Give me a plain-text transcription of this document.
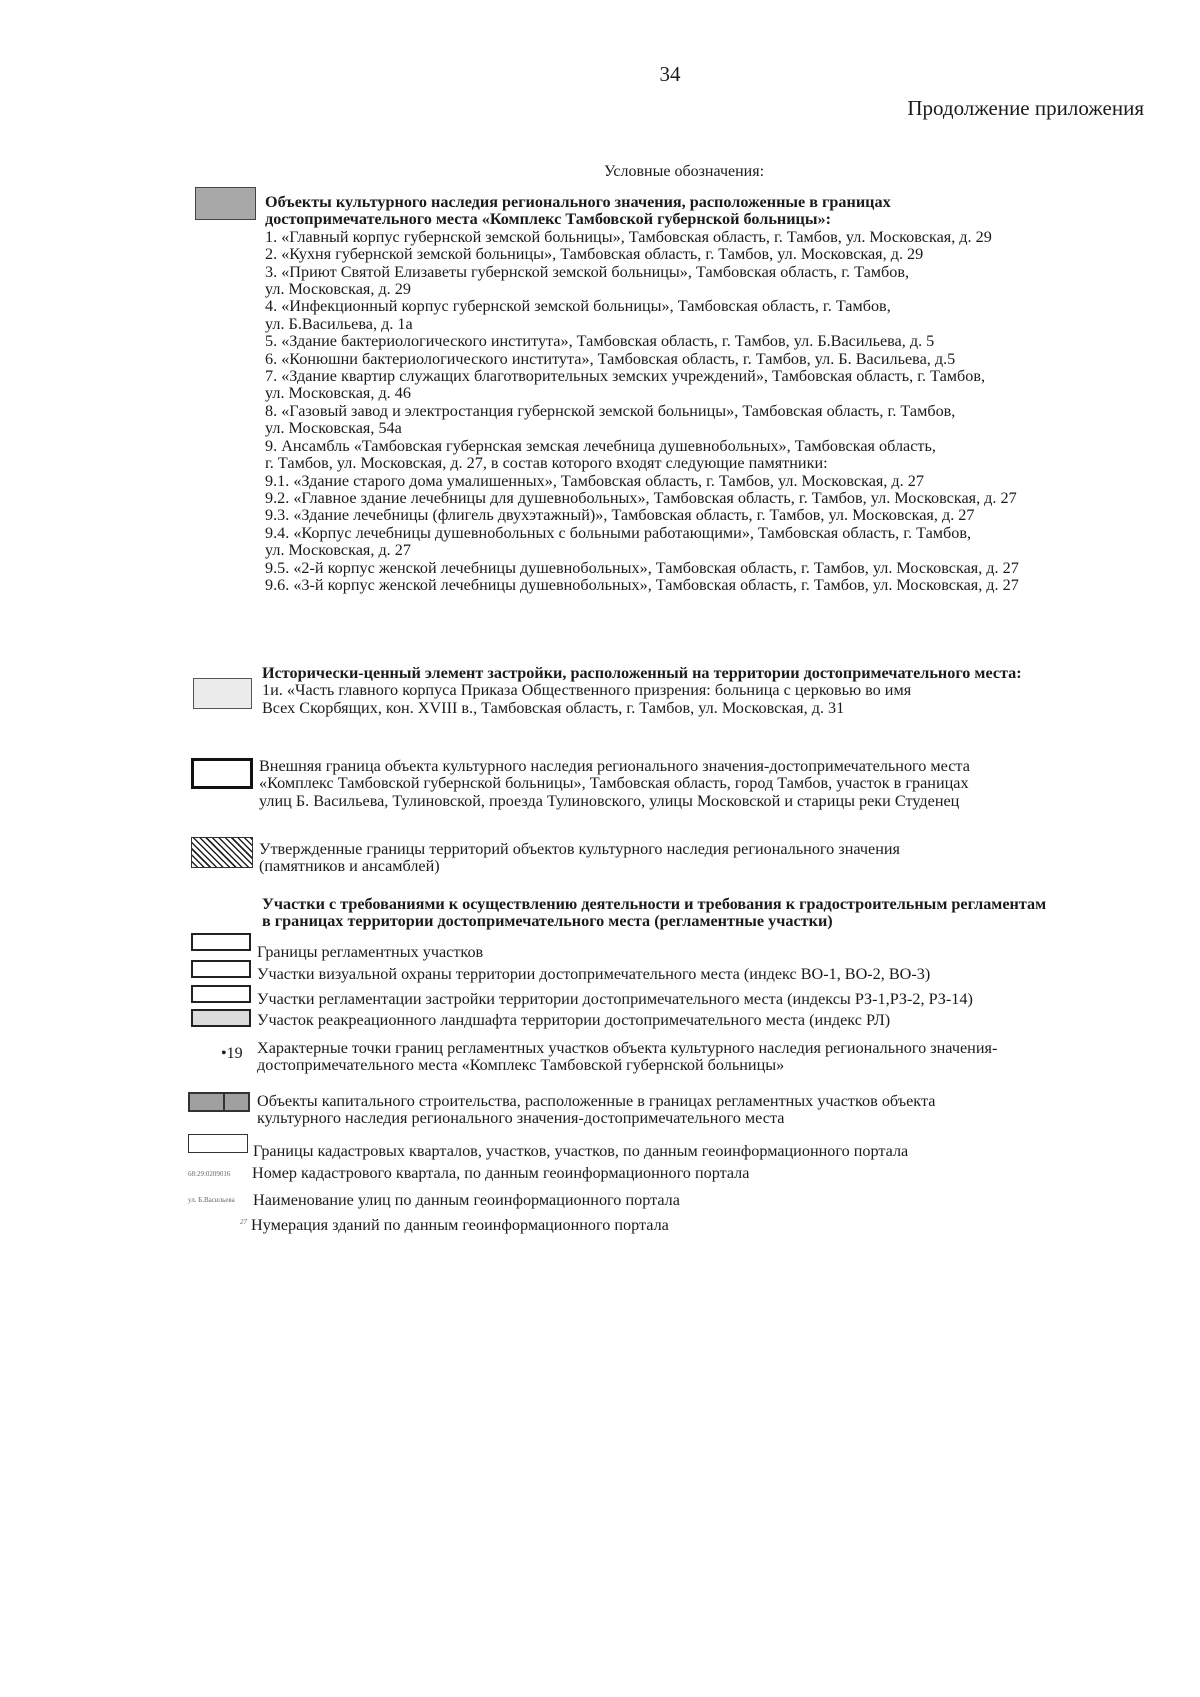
34
Продолжение приложения
Условные обозначения:
Объекты культурного наследия регионального значения, расположенные в границах
достопримечательного места «Комплекс Тамбовской губернской больницы»:
1. «Главный корпус губернской земской больницы», Тамбовская область, г. Тамбов, ул. Московская, д. 29
2. «Кухня губернской земской больницы», Тамбовская область, г. Тамбов, ул. Московская, д. 29
3. «Приют Святой Елизаветы губернской земской больницы», Тамбовская область, г. Тамбов,
ул. Московская, д. 29
4. «Инфекционный корпус губернской земской больницы», Тамбовская область, г. Тамбов,
ул. Б.Васильева, д. 1а
5. «Здание бактериологического института», Тамбовская область, г. Тамбов, ул. Б.Васильева, д. 5
6. «Конюшни бактериологического института», Тамбовская область, г. Тамбов, ул. Б. Васильева, д.5
7. «Здание квартир служащих благотворительных земских учреждений», Тамбовская область, г. Тамбов,
ул. Московская, д. 46
8. «Газовый завод и электростанция губернской земской больницы», Тамбовская область, г. Тамбов,
ул. Московская, 54а
9. Ансамбль «Тамбовская губернская земская лечебница душевнобольных», Тамбовская область,
г. Тамбов, ул. Московская, д. 27, в состав которого входят следующие памятники:
9.1. «Здание старого дома умалишенных», Тамбовская область, г. Тамбов, ул. Московская, д. 27
9.2. «Главное здание лечебницы для душевнобольных», Тамбовская область, г. Тамбов, ул. Московская, д. 27
9.3. «Здание лечебницы (флигель двухэтажный)», Тамбовская область, г. Тамбов, ул. Московская, д. 27
9.4. «Корпус лечебницы душевнобольных с больными работающими», Тамбовская область, г. Тамбов,
ул. Московская, д. 27
9.5. «2-й корпус женской лечебницы душевнобольных», Тамбовская область, г. Тамбов, ул. Московская, д. 27
9.6. «3-й корпус женской лечебницы душевнобольных», Тамбовская область, г. Тамбов, ул. Московская, д. 27
Исторически-ценный элемент застройки, расположенный на территории достопримечательного места:
1и. «Часть главного корпуса Приказа Общественного призрения: больница с церковью во имя
Всех Скорбящих, кон. XVIII в., Тамбовская область, г. Тамбов, ул. Московская, д. 31
Внешняя граница объекта культурного наследия регионального значения-достопримечательного места
«Комплекс Тамбовской губернской больницы», Тамбовская область, город Тамбов, участок в границах
улиц Б. Васильева, Тулиновской, проезда Тулиновского, улицы Московской и старицы реки Студенец
Утвержденные границы территорий объектов культурного наследия регионального значения
(памятников и ансамблей)
Участки с требованиями к осуществлению деятельности и требования к градостроительным регламентам
в границах территории достопримечательного места (регламентные участки)
Границы регламентных участков
Участки визуальной охраны территории достопримечательного места (индекс ВО-1, ВО-2, ВО-3)
Участки регламентации застройки территории достопримечательного места (индексы РЗ-1,РЗ-2, РЗ-14)
Участок реакреационного ландшафта территории достопримечательного места (индекс РЛ)
•19 Характерные точки границ регламентных участков объекта культурного наследия регионального значения-
достопримечательного места «Комплекс Тамбовской губернской больницы»
Объекты капитального строительства, расположенные в границах регламентных участков объекта
культурного наследия регионального значения-достопримечательного места
Границы кадастровых кварталов, участков, участков, по данным геоинформационного портала
68:29:0209016 Номер кадастрового квартала, по данным геоинформационного портала
ул. Б.Васильева Наименование улиц по данным геоинформационного портала
27 Нумерация зданий по данным геоинформационного портала
